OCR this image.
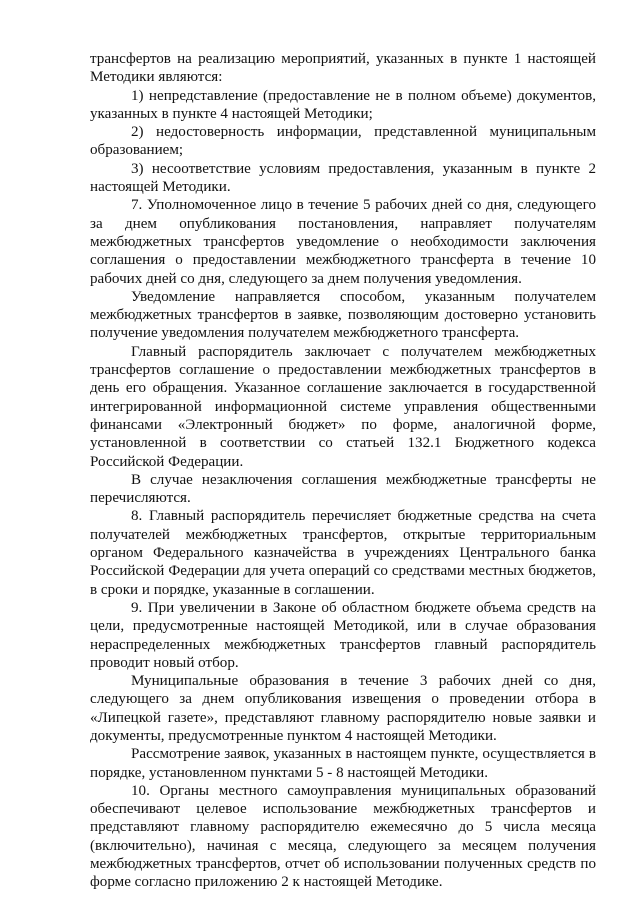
трансфертов на реализацию мероприятий, указанных в пункте 1 настоящей Методики являются:

1) непредставление (предоставление не в полном объеме) документов, указанных в пункте 4 настоящей Методики;

2) недостоверность информации, представленной муниципальным образованием;

3) несоответствие условиям предоставления, указанным в пункте 2 настоящей Методики.

7. Уполномоченное лицо в течение 5 рабочих дней со дня, следующего за днем опубликования постановления, направляет получателям межбюджетных трансфертов уведомление о необходимости заключения соглашения о предоставлении межбюджетного трансферта в течение 10 рабочих дней со дня, следующего за днем получения уведомления.

Уведомление направляется способом, указанным получателем межбюджетных трансфертов в заявке, позволяющим достоверно установить получение уведомления получателем межбюджетного трансферта.

Главный распорядитель заключает с получателем межбюджетных трансфертов соглашение о предоставлении межбюджетных трансфертов в день его обращения. Указанное соглашение заключается в государственной интегрированной информационной системе управления общественными финансами «Электронный бюджет» по форме, аналогичной форме, установленной в соответствии со статьей 132.1 Бюджетного кодекса Российской Федерации.

В случае незаключения соглашения межбюджетные трансферты не перечисляются.

8. Главный распорядитель перечисляет бюджетные средства на счета получателей межбюджетных трансфертов, открытые территориальным органом Федерального казначейства в учреждениях Центрального банка Российской Федерации для учета операций со средствами местных бюджетов, в сроки и порядке, указанные в соглашении.

9. При увеличении в Законе об областном бюджете объема средств на цели, предусмотренные настоящей Методикой, или в случае образования нераспределенных межбюджетных трансфертов главный распорядитель проводит новый отбор.

Муниципальные образования в течение 3 рабочих дней со дня, следующего за днем опубликования извещения о проведении отбора в «Липецкой газете», представляют главному распорядителю новые заявки и документы, предусмотренные пунктом 4 настоящей Методики.

Рассмотрение заявок, указанных в настоящем пункте, осуществляется в порядке, установленном пунктами 5 - 8 настоящей Методики.

10. Органы местного самоуправления муниципальных образований обеспечивают целевое использование межбюджетных трансфертов и представляют главному распорядителю ежемесячно до 5 числа месяца (включительно), начиная с месяца, следующего за месяцем получения межбюджетных трансфертов, отчет об использовании полученных средств по форме согласно приложению 2 к настоящей Методике.
